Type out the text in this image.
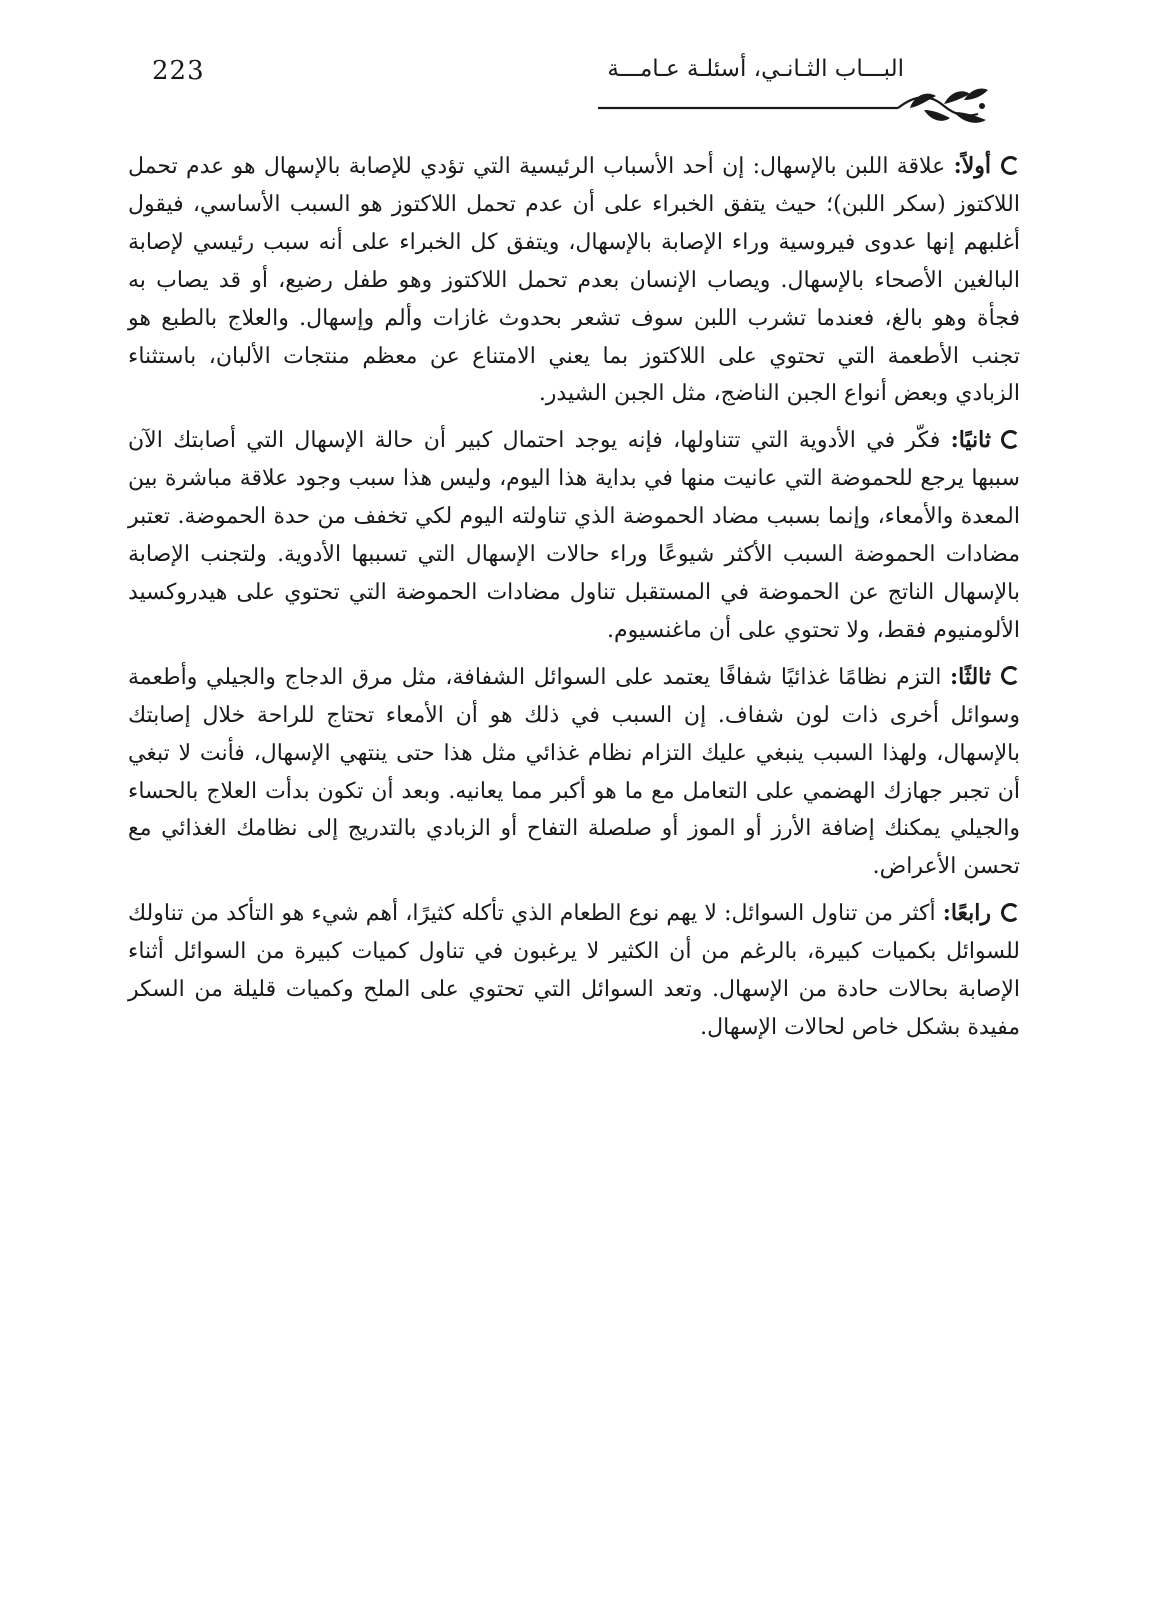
223	البـــاب الثـانـي، أسئلـة عـامـــة

أولاً: علاقة اللبن بالإسهال: إن أحد الأسباب الرئيسية التي تؤدي للإصابة بالإسهال هو عدم تحمل اللاكتوز (سكر اللبن)؛ حيث يتفق الخبراء على أن عدم تحمل اللاكتوز هو السبب الأساسي، فيقول أغلبهم إنها عدوى فيروسية وراء الإصابة بالإسهال، ويتفق كل الخبراء على أنه سبب رئيسي لإصابة البالغين الأصحاء بالإسهال. ويصاب الإنسان بعدم تحمل اللاكتوز وهو طفل رضيع، أو قد يصاب به فجأة وهو بالغ، فعندما تشرب اللبن سوف تشعر بحدوث غازات وألم وإسهال. والعلاج بالطبع هو تجنب الأطعمة التي تحتوي على اللاكتوز بما يعني الامتناع عن معظم منتجات الألبان، باستثناء الزبادي وبعض أنواع الجبن الناضج، مثل الجبن الشيدر.

ثانيًا: فكّر في الأدوية التي تتناولها، فإنه يوجد احتمال كبير أن حالة الإسهال التي أصابتك الآن سببها يرجع للحموضة التي عانيت منها في بداية هذا اليوم، وليس هذا سبب وجود علاقة مباشرة بين المعدة والأمعاء، وإنما بسبب مضاد الحموضة الذي تناولته اليوم لكي تخفف من حدة الحموضة. تعتبر مضادات الحموضة السبب الأكثر شيوعًا وراء حالات الإسهال التي تسببها الأدوية. ولتجنب الإصابة بالإسهال الناتج عن الحموضة في المستقبل تناول مضادات الحموضة التي تحتوي على هيدروكسيد الألومنيوم فقط، ولا تحتوي على أن ماغنسيوم.

ثالثًا: التزم نظامًا غذائيًا شفافًا يعتمد على السوائل الشفافة، مثل مرق الدجاج والجيلي وأطعمة وسوائل أخرى ذات لون شفاف. إن السبب في ذلك هو أن الأمعاء تحتاج للراحة خلال إصابتك بالإسهال، ولهذا السبب ينبغي عليك التزام نظام غذائي مثل هذا حتى ينتهي الإسهال، فأنت لا تبغي أن تجبر جهازك الهضمي على التعامل مع ما هو أكبر مما يعانيه. وبعد أن تكون بدأت العلاج بالحساء والجيلي يمكنك إضافة الأرز أو الموز أو صلصلة التفاح أو الزبادي بالتدريج إلى نظامك الغذائي مع تحسن الأعراض.

رابعًا: أكثر من تناول السوائل: لا يهم نوع الطعام الذي تأكله كثيرًا، أهم شيء هو التأكد من تناولك للسوائل بكميات كبيرة، بالرغم من أن الكثير لا يرغبون في تناول كميات كبيرة من السوائل أثناء الإصابة بحالات حادة من الإسهال. وتعد السوائل التي تحتوي على الملح وكميات قليلة من السكر مفيدة بشكل خاص لحالات الإسهال.
